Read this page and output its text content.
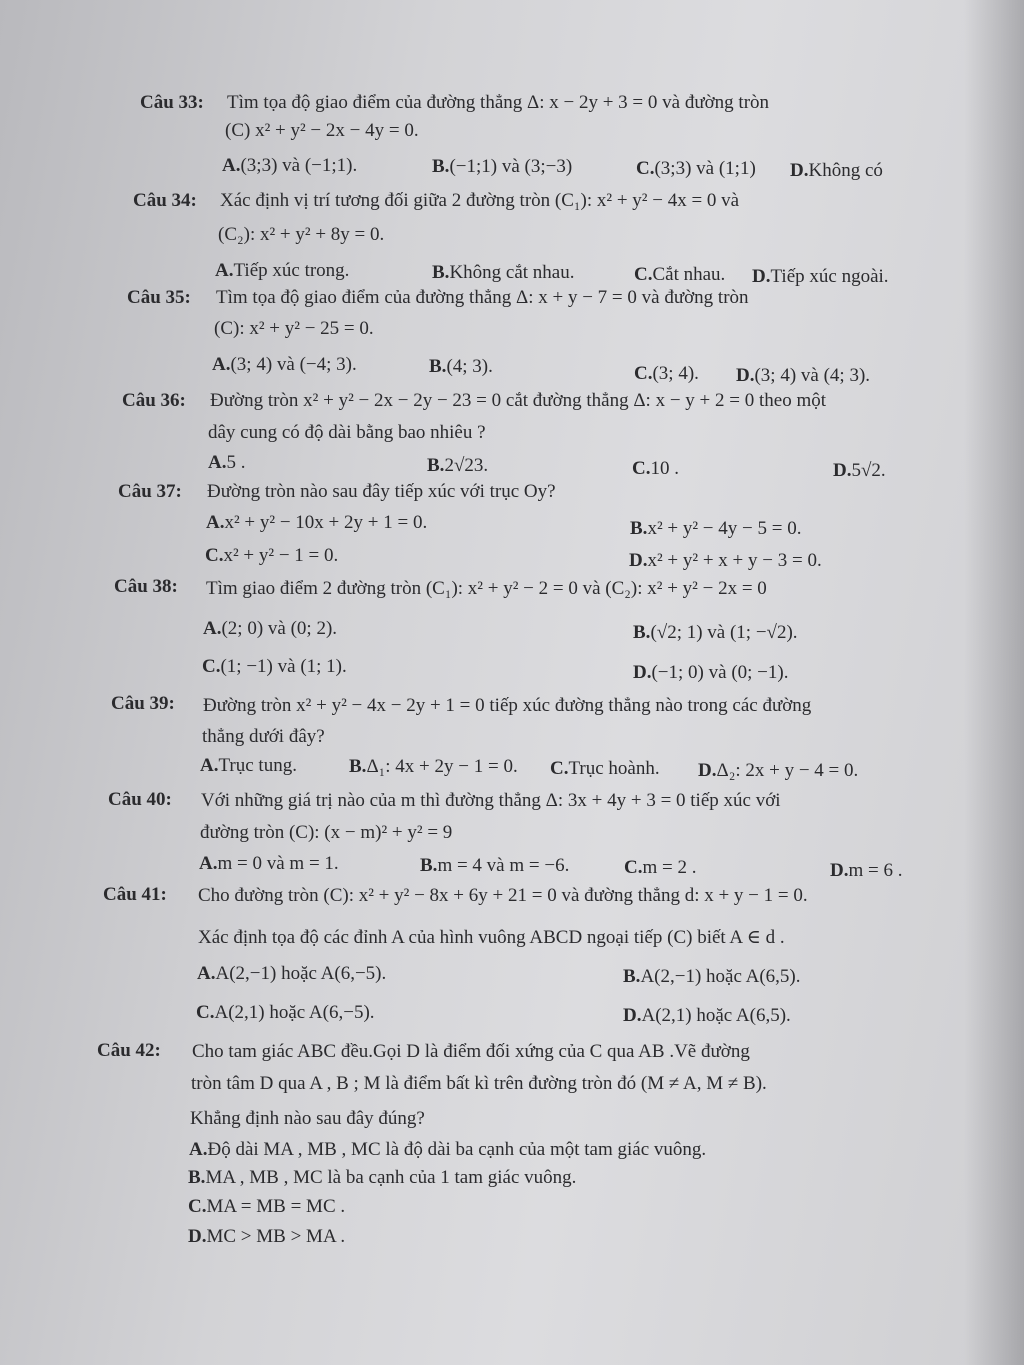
Câu 33: Tìm tọa độ giao điểm của đường thẳng Δ: x − 2y + 3 = 0 và đường tròn
(C) x² + y² − 2x − 4y = 0.
A.(3;3) và (−1;1).	B.(−1;1) và (3;−3)	C.(3;3) và (1;1) D.Không có
Câu 34: Xác định vị trí tương đối giữa 2 đường tròn (C₁): x² + y² − 4x = 0 và
(C₂): x² + y² + 8y = 0.
A.Tiếp xúc trong.	B.Không cắt nhau.	C.Cắt nhau. D.Tiếp xúc ngoài.
Câu 35: Tìm tọa độ giao điểm của đường thẳng Δ: x + y − 7 = 0 và đường tròn
(C): x² + y² − 25 = 0.
A.(3; 4) và (−4; 3).	B.(4; 3).	C.(3; 4). D.(3; 4) và (4; 3).
Câu 36: Đường tròn x² + y² − 2x − 2y − 23 = 0 cắt đường thẳng Δ: x − y + 2 = 0 theo một
dây cung có độ dài bằng bao nhiêu ?
A.5 .	B.2√23.	C.10 .	D.5√2.
Câu 37: Đường tròn nào sau đây tiếp xúc với trục Oy?
A.x² + y² − 10x + 2y + 1 = 0.	B.x² + y² − 4y − 5 = 0.
C.x² + y² − 1 = 0.	D.x² + y² + x + y − 3 = 0.
Câu 38: Tìm giao điểm 2 đường tròn (C₁): x² + y² − 2 = 0 và (C₂): x² + y² − 2x = 0
A.(2; 0) và (0; 2).	B.(√2; 1) và (1; −√2).
C.(1; −1) và (1; 1).	D.(−1; 0) và (0; −1).
Câu 39: Đường tròn x² + y² − 4x − 2y + 1 = 0 tiếp xúc đường thẳng nào trong các đường
thẳng dưới đây?
A.Trục tung.	B.Δ₁: 4x + 2y − 1 = 0. C.Trục hoành. D.Δ₂: 2x + y − 4 = 0.
Câu 40: Với những giá trị nào của m thì đường thẳng Δ: 3x + 4y + 3 = 0 tiếp xúc với
đường tròn (C): (x − m)² + y² = 9
A.m = 0 và m = 1.	B.m = 4 và m = −6.	C.m = 2 .	D.m = 6 .
Câu 41: Cho đường tròn (C): x² + y² − 8x + 6y + 21 = 0 và đường thẳng d: x + y − 1 = 0.
Xác định tọa độ các đỉnh A của hình vuông ABCD ngoại tiếp (C) biết A ∈ d .
A.A(2,−1) hoặc A(6,−5).	B.A(2,−1) hoặc A(6,5).
C.A(2,1) hoặc A(6,−5).	D.A(2,1) hoặc A(6,5).
Câu 42: Cho tam giác ABC đều.Gọi D là điểm đối xứng của C qua AB .Vẽ đường
tròn tâm D qua A , B ; M là điểm bất kì trên đường tròn đó (M ≠ A, M ≠ B).
Khẳng định nào sau đây đúng?
A.Độ dài MA , MB , MC là độ dài ba cạnh của một tam giác vuông.
B.MA , MB , MC là ba cạnh của 1 tam giác vuông.
C.MA = MB = MC .
D.MC > MB > MA .
